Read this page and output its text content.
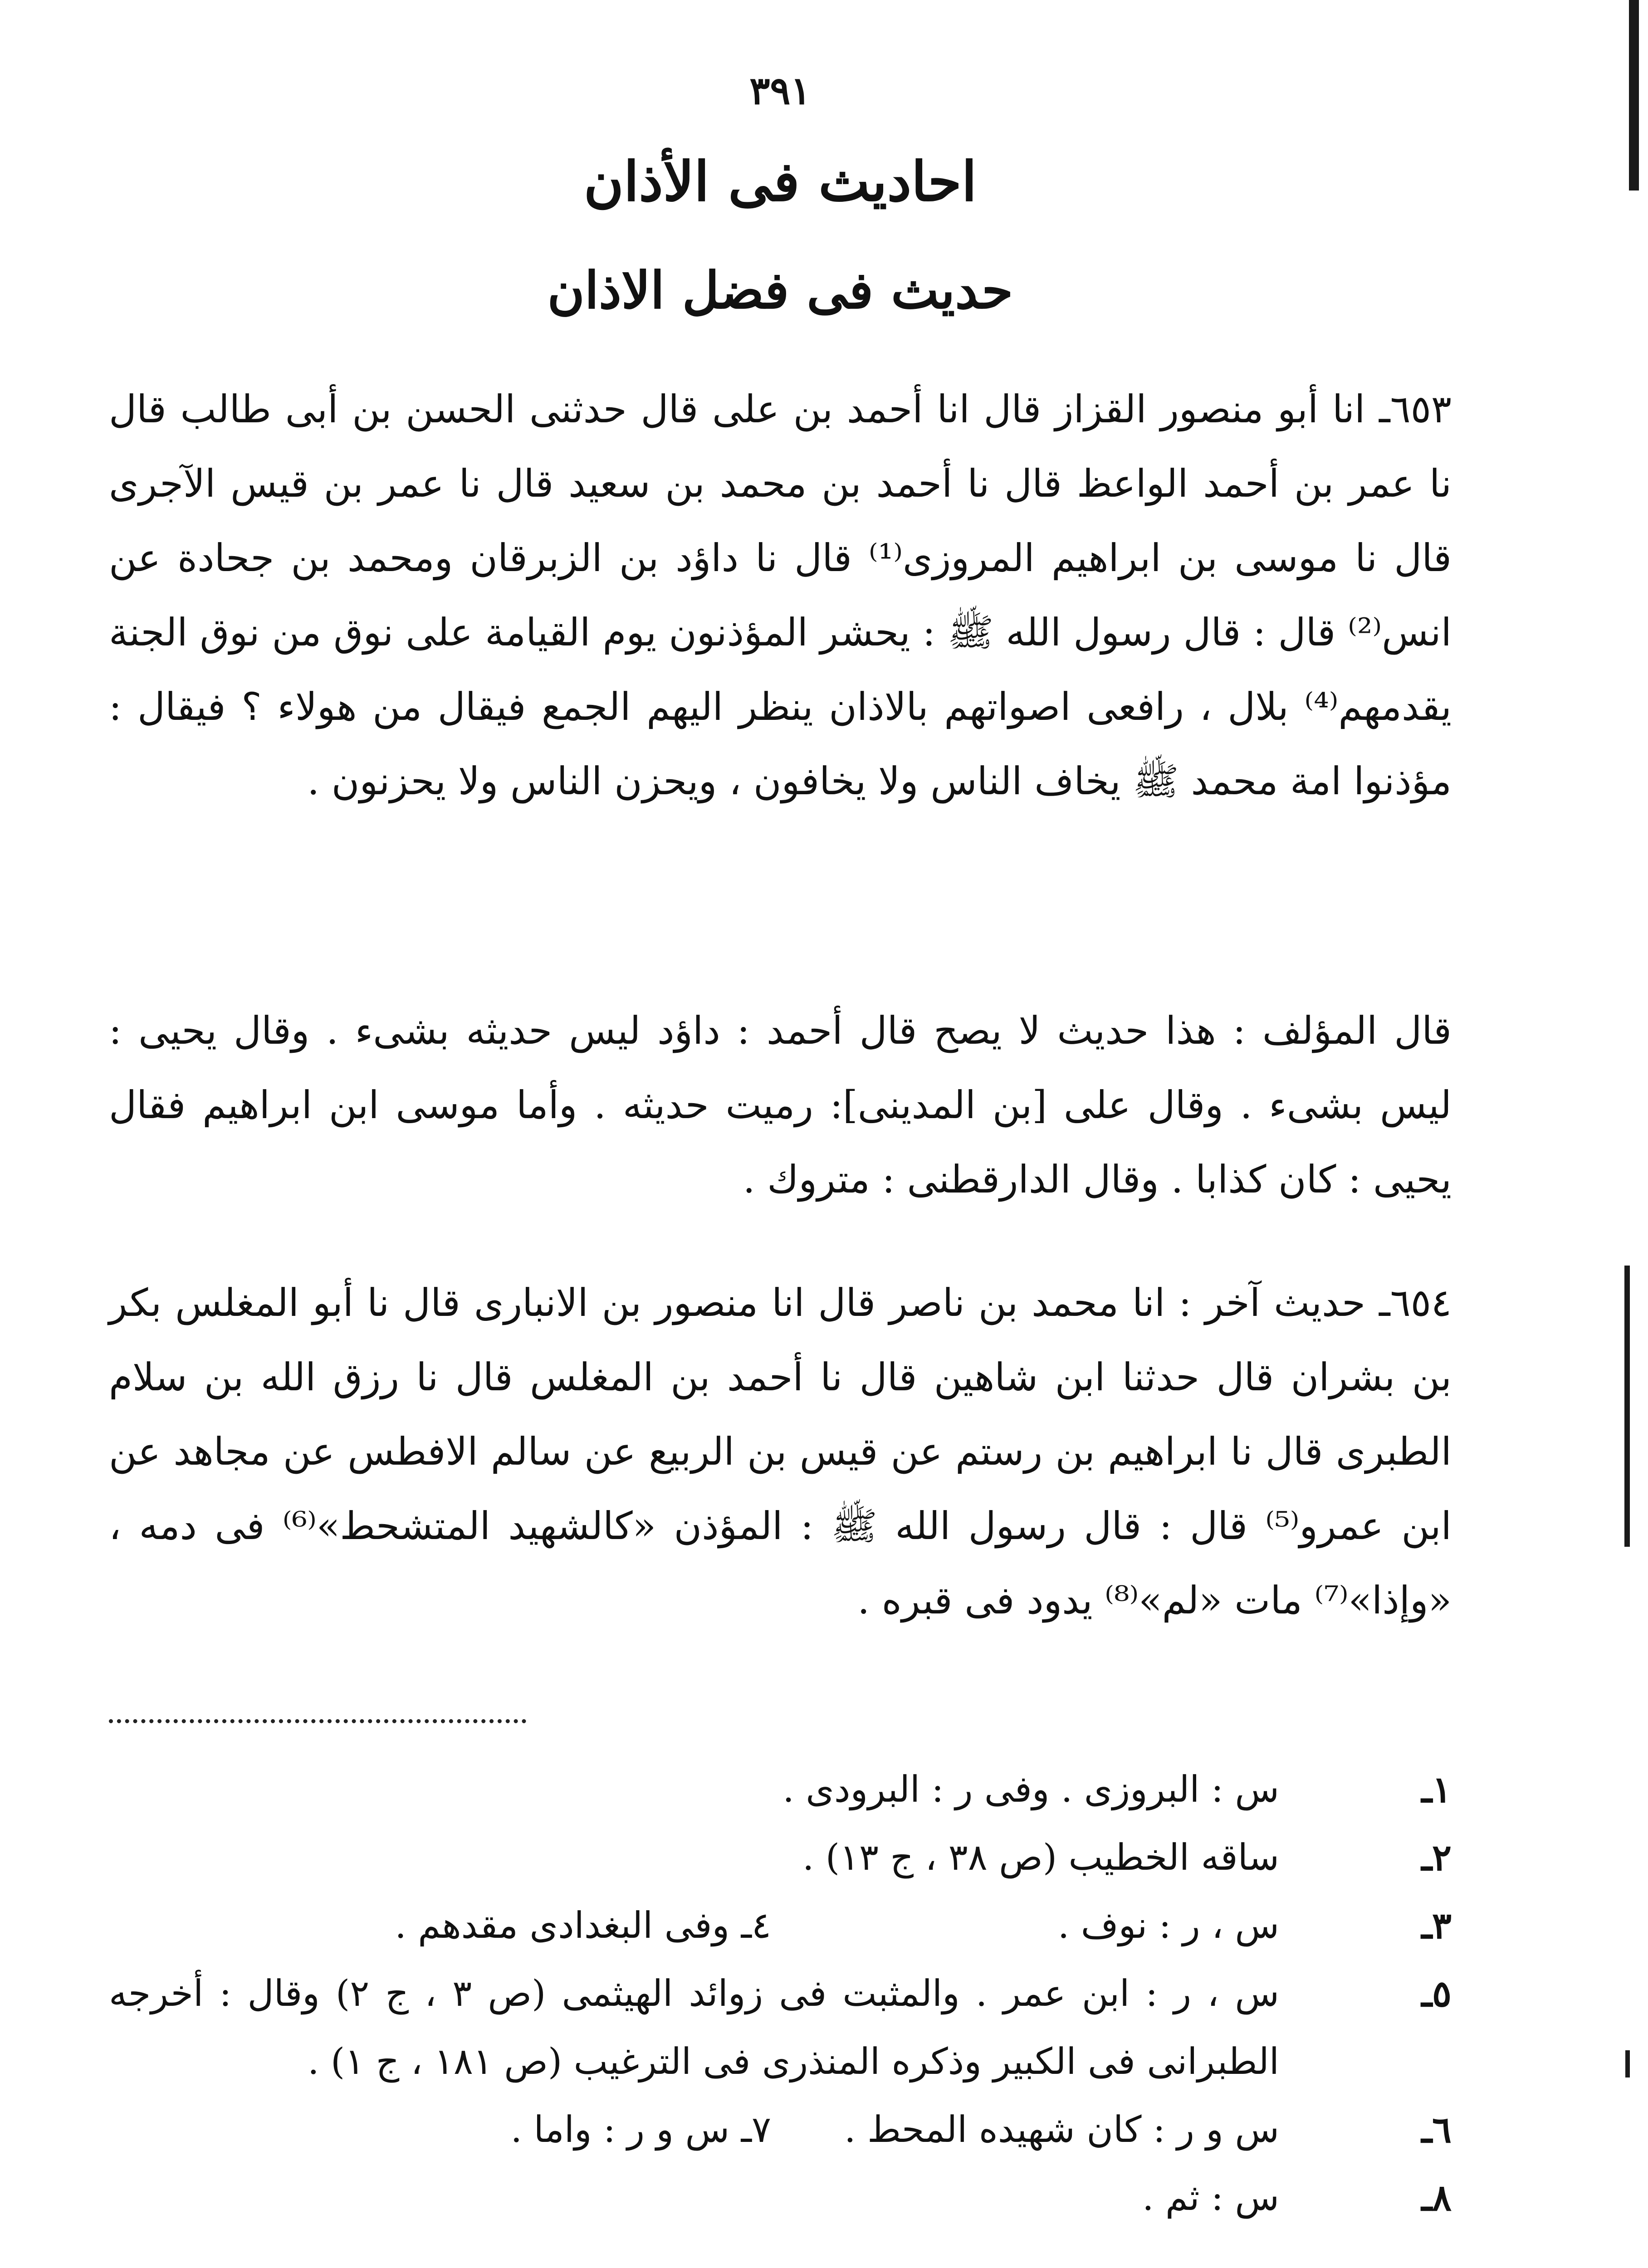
٣٩١
احاديث فى الأذان
حديث فى فضل الاذان

٦٥٣ـ انا أبو منصور القزاز قال انا أحمد بن على قال حدثنى الحسن بن أبى طالب قال نا عمر بن أحمد الواعظ قال نا أحمد بن محمد بن سعيد قال نا عمر بن قيس الآجرى قال نا موسى بن ابراهيم المروزى⁽¹⁾ قال نا داؤد بن الزبرقان ومحمد بن جحادة عن انس⁽²⁾ قال : قال رسول الله ﷺ : يحشر المؤذنون يوم القيامة على نوق من نوق الجنة يقدمهم⁽⁴⁾ بلال ، رافعى اصواتهم بالاذان ينظر اليهم الجمع فيقال من هولاء ؟ فيقال : مؤذنوا امة محمد ﷺ يخاف الناس ولا يخافون ، ويحزن الناس ولا يحزنون .

قال المؤلف : هذا حديث لا يصح قال أحمد : داؤد ليس حديثه بشىء . وقال يحيى : ليس بشىء . وقال على [بن المدينى]: رميت حديثه . وأما موسى ابن ابراهيم فقال يحيى : كان كذابا . وقال الدارقطنى : متروك .

٦٥٤ـ حديث آخر : انا محمد بن ناصر قال انا منصور بن الانبارى قال نا أبو المغلس بكر بن بشران قال حدثنا ابن شاهين قال نا أحمد بن المغلس قال نا رزق الله بن سلام الطبرى قال نا ابراهيم بن رستم عن قيس بن الربيع عن سالم الافطس عن مجاهد عن ابن عمرو⁽⁵⁾ قال : قال رسول الله ﷺ : المؤذن «كالشهيد المتشحط»⁽⁶⁾ فى دمه ، «وإذا»⁽⁷⁾ مات «لم»⁽⁸⁾ يدود فى قبره .

١ـ
س : البروزى . وفى ر : البرودى .
٢ـ
ساقه الخطيب (ص ٣٨ ، ج ١٣) .
٣ـ
س ، ر : نوف .
٤ـ وفى البغدادى مقدهم .
٥ـ
س ، ر : ابن عمر . والمثبت فى زوائد الهيثمى (ص ٣ ، ج ٢) وقال : أخرجه الطبرانى فى الكبير وذكره المنذرى فى الترغيب (ص ١٨١ ، ج ١) .
٦ـ
س و ر : كان شهيده المحط .
٧ـ س و ر : واما .
٨ـ
س : ثم .
